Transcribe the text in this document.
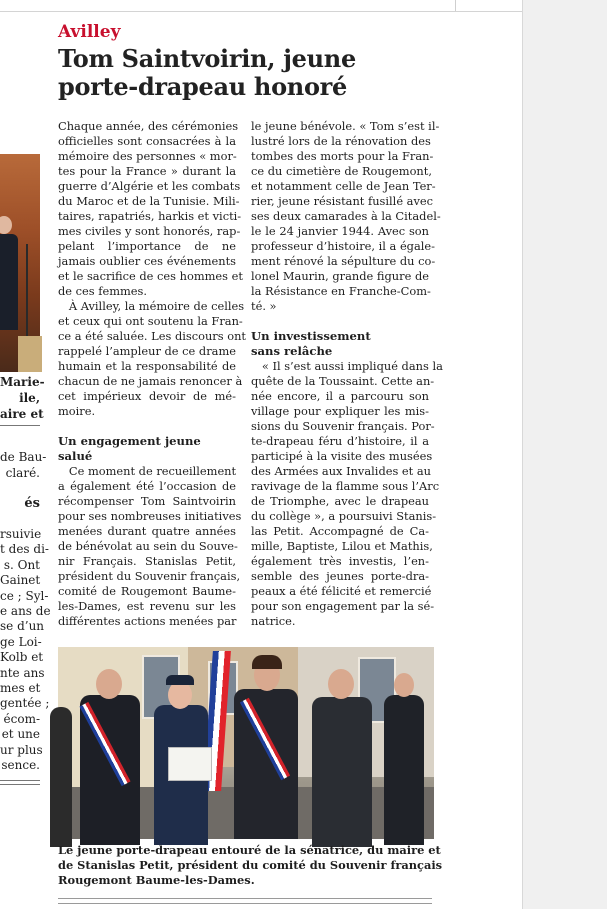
Marie-
ile,
aire et
de Bau-
claré.
és
rsuivie
t des di-
s. Ont
Gainet
ce ; Syl-
e ans de
se d’un
ge Loi-
Kolb et
nte ans
mes et
gentée ;
écom-
et une
ur plus
sence.
Avilley
Tom Saintvoirin, jeune
porte-drapeau honoré
Chaque année, des cérémonies
officielles sont consacrées à la
mémoire des personnes « mor-
tes pour la France » durant la
guerre d’Algérie et les combats
du Maroc et de la Tunisie. Mili-
taires, rapatriés, harkis et victi-
mes civiles y sont honorés, rap-
pelant l’importance de ne
jamais oublier ces événements
et le sacrifice de ces hommes et
de ces femmes.
À Avilley, la mémoire de celles
et ceux qui ont soutenu la Fran-
ce a été saluée. Les discours ont
rappelé l’ampleur de ce drame
humain et la responsabilité de
chacun de ne jamais renoncer à
cet impérieux devoir de mé-
moire.
Un engagement jeune
salué
Ce moment de recueillement
a également été l’occasion de
récompenser Tom Saintvoirin
pour ses nombreuses initiatives
menées durant quatre années
de bénévolat au sein du Souve-
nir Français. Stanislas Petit,
président du Souvenir français,
comité de Rougemont Baume-
les-Dames, est revenu sur les
différentes actions menées par
le jeune bénévole. « Tom s’est il-
lustré lors de la rénovation des
tombes des morts pour la Fran-
ce du cimetière de Rougemont,
et notamment celle de Jean Ter-
rier, jeune résistant fusillé avec
ses deux camarades à la Citadel-
le le 24 janvier 1944. Avec son
professeur d’histoire, il a égale-
ment rénové la sépulture du co-
lonel Maurin, grande figure de
la Résistance en Franche-Com-
té. »
Un investissement
sans relâche
« Il s’est aussi impliqué dans la
quête de la Toussaint. Cette an-
née encore, il a parcouru son
village pour expliquer les mis-
sions du Souvenir français. Por-
te-drapeau féru d’histoire, il a
participé à la visite des musées
des Armées aux Invalides et au
ravivage de la flamme sous l’Arc
de Triomphe, avec le drapeau
du collège », a poursuivi Stanis-
las Petit. Accompagné de Ca-
mille, Baptiste, Lilou et Mathis,
également très investis, l’en-
semble des jeunes porte-dra-
peaux a été félicité et remercié
pour son engagement par la sé-
natrice.
Le jeune porte-drapeau entouré de la sénatrice, du maire et
de Stanislas Petit, président du comité du Souvenir français
Rougemont Baume-les-Dames.
